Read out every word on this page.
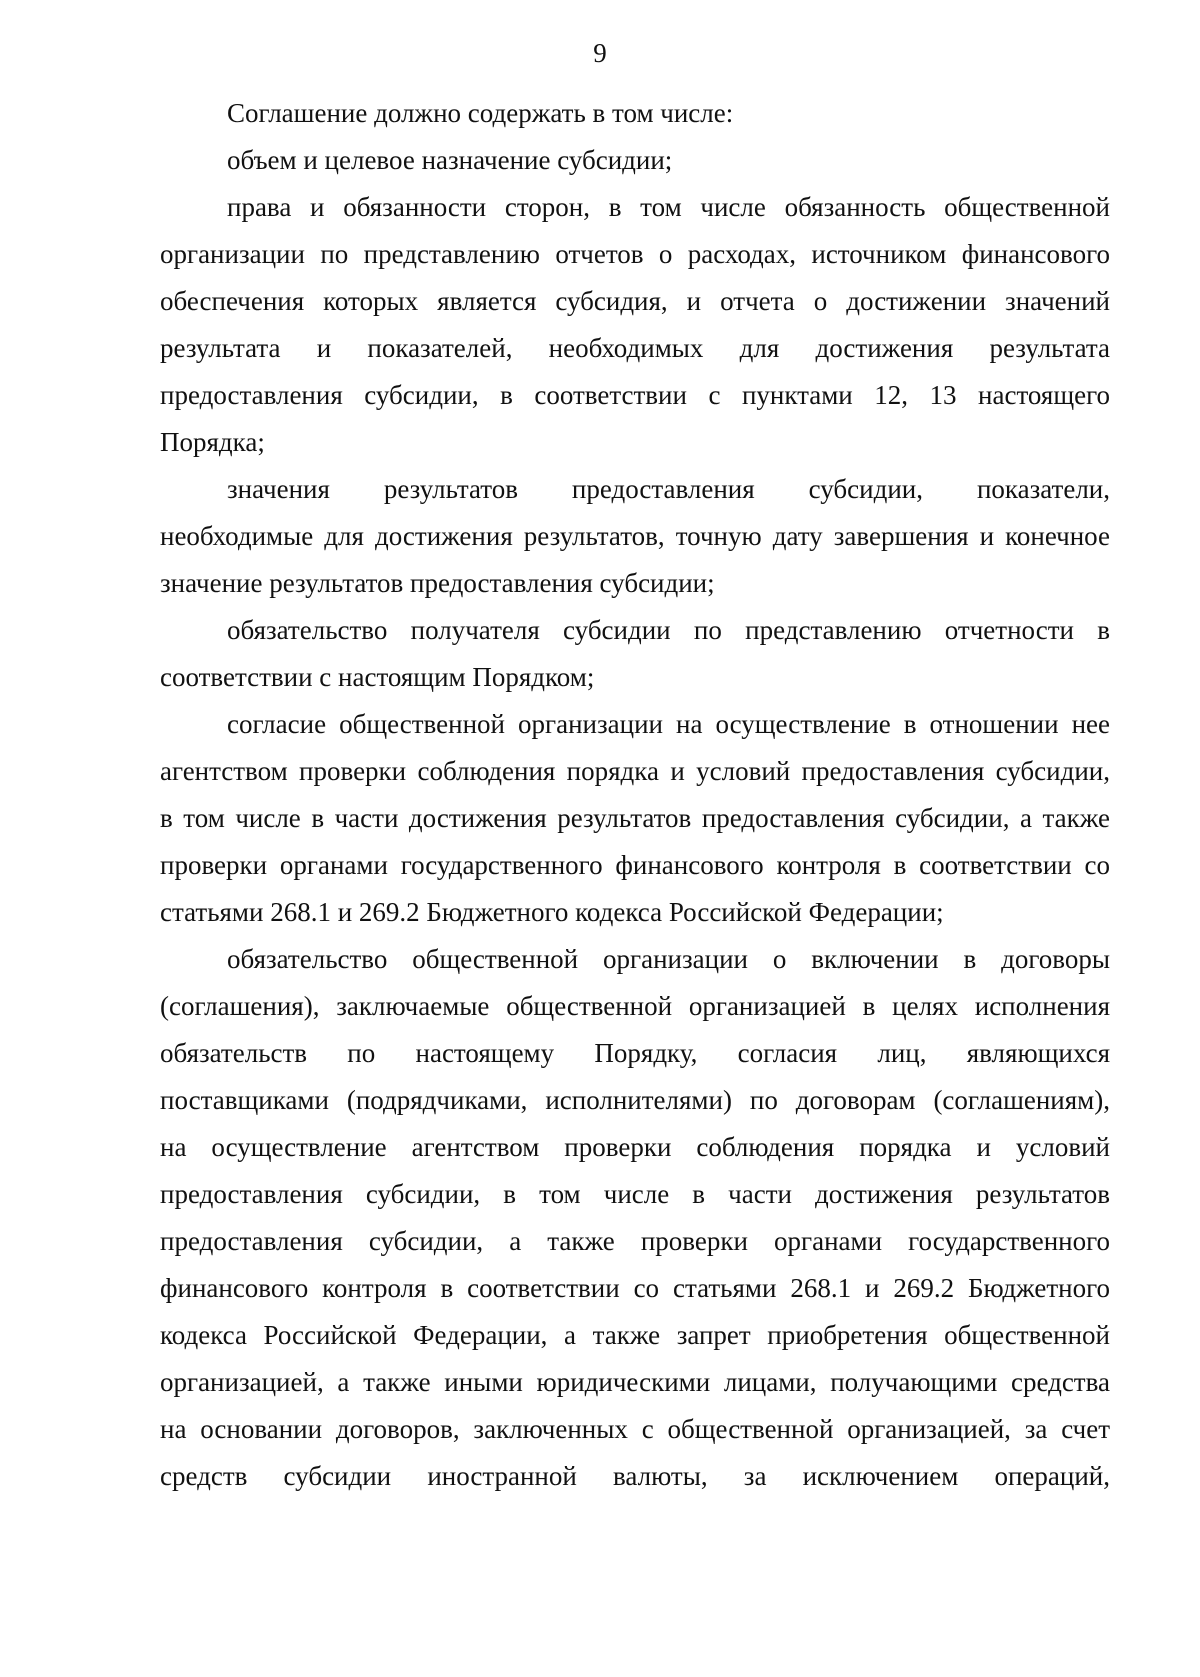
9
Соглашение должно содержать в том числе:
объем и целевое назначение субсидии;
права и обязанности сторон, в том числе обязанность общественной
организации по представлению отчетов о расходах, источником финансового
обеспечения которых является субсидия, и отчета о достижении значений
результата и показателей, необходимых для достижения результата
предоставления субсидии, в соответствии с пунктами 12, 13 настоящего
Порядка;
значения результатов предоставления субсидии, показатели,
необходимые для достижения результатов, точную дату завершения и конечное
значение результатов предоставления субсидии;
обязательство получателя субсидии по представлению отчетности в
соответствии с настоящим Порядком;
согласие общественной организации на осуществление в отношении нее
агентством проверки соблюдения порядка и условий предоставления субсидии,
в том числе в части достижения результатов предоставления субсидии, а также
проверки органами государственного финансового контроля в соответствии со
статьями 268.1 и 269.2 Бюджетного кодекса Российской Федерации;
обязательство общественной организации о включении в договоры
(соглашения), заключаемые общественной организацией в целях исполнения
обязательств по настоящему Порядку, согласия лиц, являющихся
поставщиками (подрядчиками, исполнителями) по договорам (соглашениям),
на осуществление агентством проверки соблюдения порядка и условий
предоставления субсидии, в том числе в части достижения результатов
предоставления субсидии, а также проверки органами государственного
финансового контроля в соответствии со статьями 268.1 и 269.2 Бюджетного
кодекса Российской Федерации, а также запрет приобретения общественной
организацией, а также иными юридическими лицами, получающими средства
на основании договоров, заключенных с общественной организацией, за счет
средств субсидии иностранной валюты, за исключением операций,
